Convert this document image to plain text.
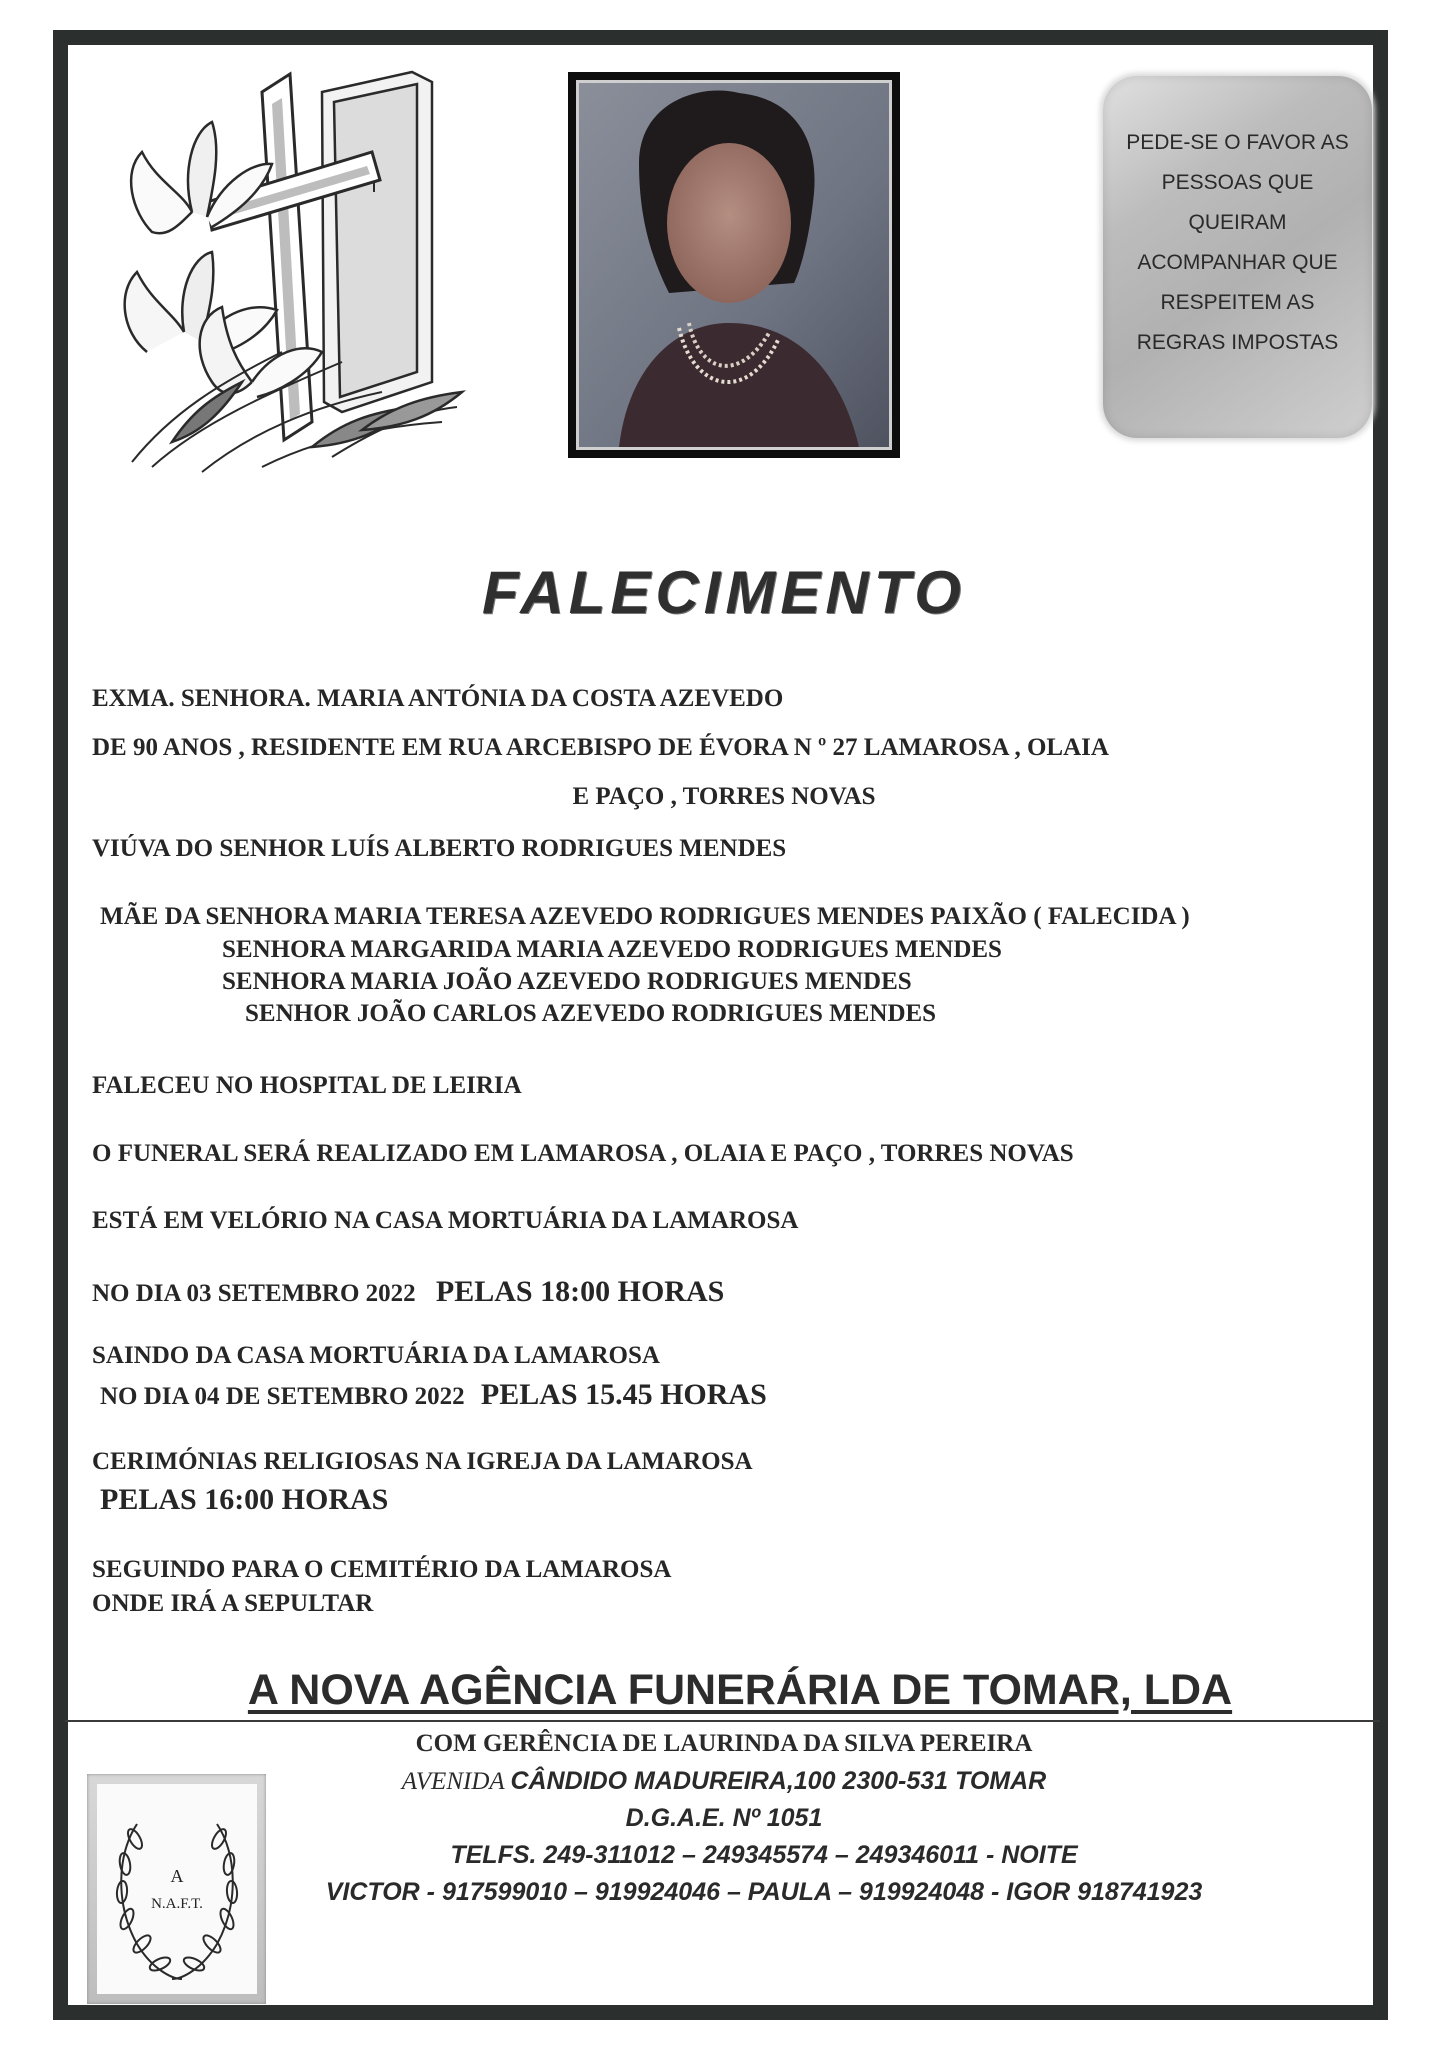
PEDE-SE O FAVOR AS
PESSOAS QUE
QUEIRAM
ACOMPANHAR QUE
RESPEITEM AS
REGRAS IMPOSTAS
FALECIMENTO
EXMA. SENHORA. MARIA ANTÓNIA DA COSTA AZEVEDO
DE 90 ANOS , RESIDENTE EM RUA ARCEBISPO DE ÉVORA N º 27 LAMAROSA , OLAIA
E PAÇO , TORRES NOVAS
VIÚVA DO SENHOR LUÍS ALBERTO RODRIGUES MENDES
MÃE DA SENHORA MARIA TERESA AZEVEDO RODRIGUES MENDES PAIXÃO ( FALECIDA )
SENHORA MARGARIDA MARIA AZEVEDO RODRIGUES MENDES
SENHORA MARIA JOÃO AZEVEDO RODRIGUES MENDES
SENHOR JOÃO CARLOS AZEVEDO RODRIGUES MENDES
FALECEU NO HOSPITAL DE LEIRIA
O FUNERAL SERÁ REALIZADO EM LAMAROSA , OLAIA E PAÇO , TORRES NOVAS
ESTÁ EM VELÓRIO NA CASA MORTUÁRIA DA LAMAROSA
NO DIA 03 SETEMBRO 2022 PELAS 18:00 HORAS
SAINDO DA CASA MORTUÁRIA DA LAMAROSA
NO DIA 04 DE SETEMBRO 2022 PELAS 15.45 HORAS
CERIMÓNIAS RELIGIOSAS NA IGREJA DA LAMAROSA
PELAS 16:00 HORAS
SEGUINDO PARA O CEMITÉRIO DA LAMAROSA
ONDE IRÁ A SEPULTAR
A NOVA AGÊNCIA FUNERÁRIA DE TOMAR, LDA
COM GERÊNCIA DE LAURINDA DA SILVA PEREIRA
AVENIDA CÂNDIDO MADUREIRA,100 2300-531 TOMAR
D.G.A.E. Nº 1051
TELFS. 249-311012 – 249345574 – 249346011 - NOITE
VICTOR - 917599010 – 919924046 – PAULA – 919924048 - IGOR 918741923
A
N.A.F.T.
